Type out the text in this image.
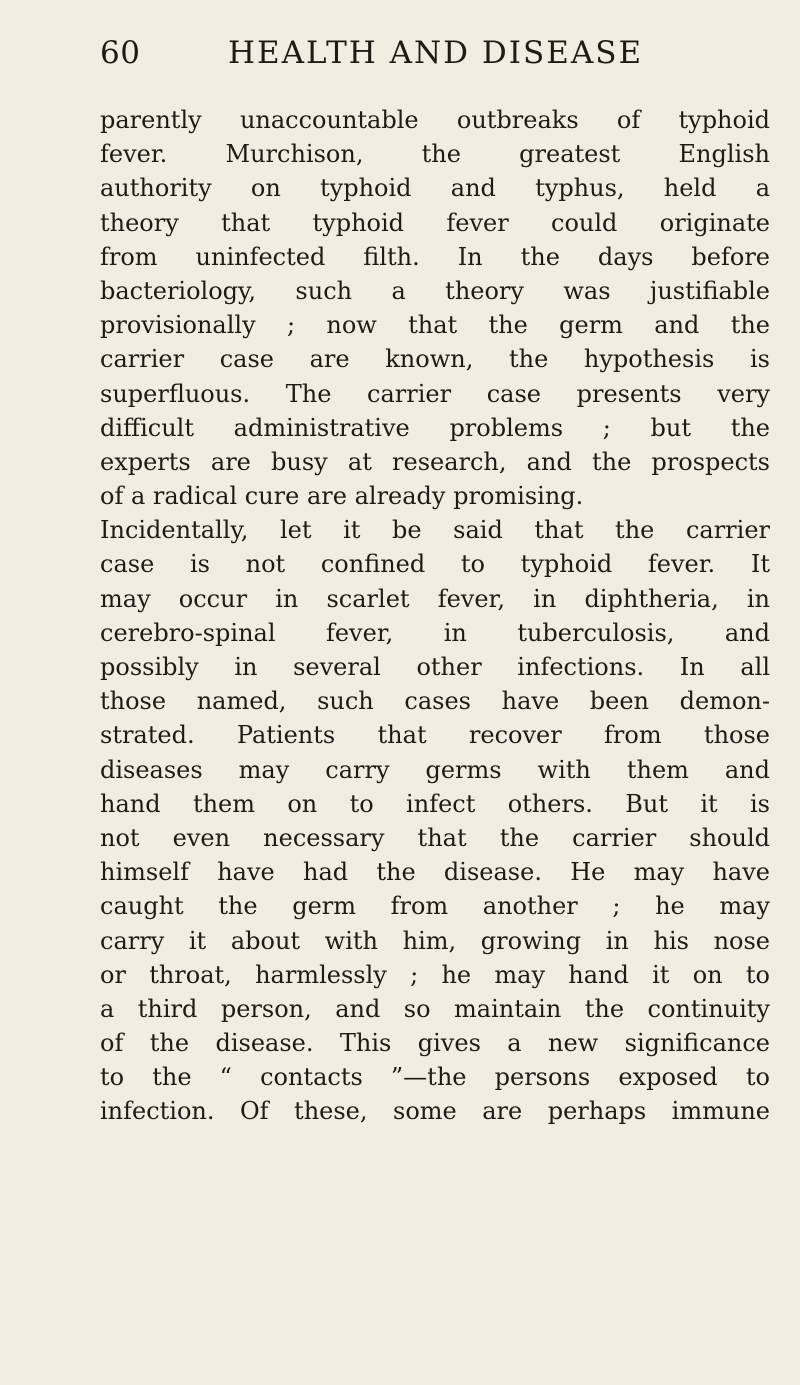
60	HEALTH AND DISEASE
parently unaccountable outbreaks of typhoid
fever. Murchison, the greatest English
authority on typhoid and typhus, held a
theory that typhoid fever could originate
from uninfected filth. In the days before
bacteriology, such a theory was justifiable
provisionally ; now that the germ and the
carrier case are known, the hypothesis is
superfluous. The carrier case presents very
difficult administrative problems ; but the
experts are busy at research, and the prospects
of a radical cure are already promising.
Incidentally, let it be said that the carrier
case is not confined to typhoid fever. It
may occur in scarlet fever, in diphtheria, in
cerebro-spinal fever, in tuberculosis, and
possibly in several other infections. In all
those named, such cases have been demon-
strated. Patients that recover from those
diseases may carry germs with them and
hand them on to infect others. But it is
not even necessary that the carrier should
himself have had the disease. He may have
caught the germ from another ; he may
carry it about with him, growing in his nose
or throat, harmlessly ; he may hand it on to
a third person, and so maintain the continuity
of the disease. This gives a new significance
to the “ contacts ”—the persons exposed to
infection. Of these, some are perhaps immune
